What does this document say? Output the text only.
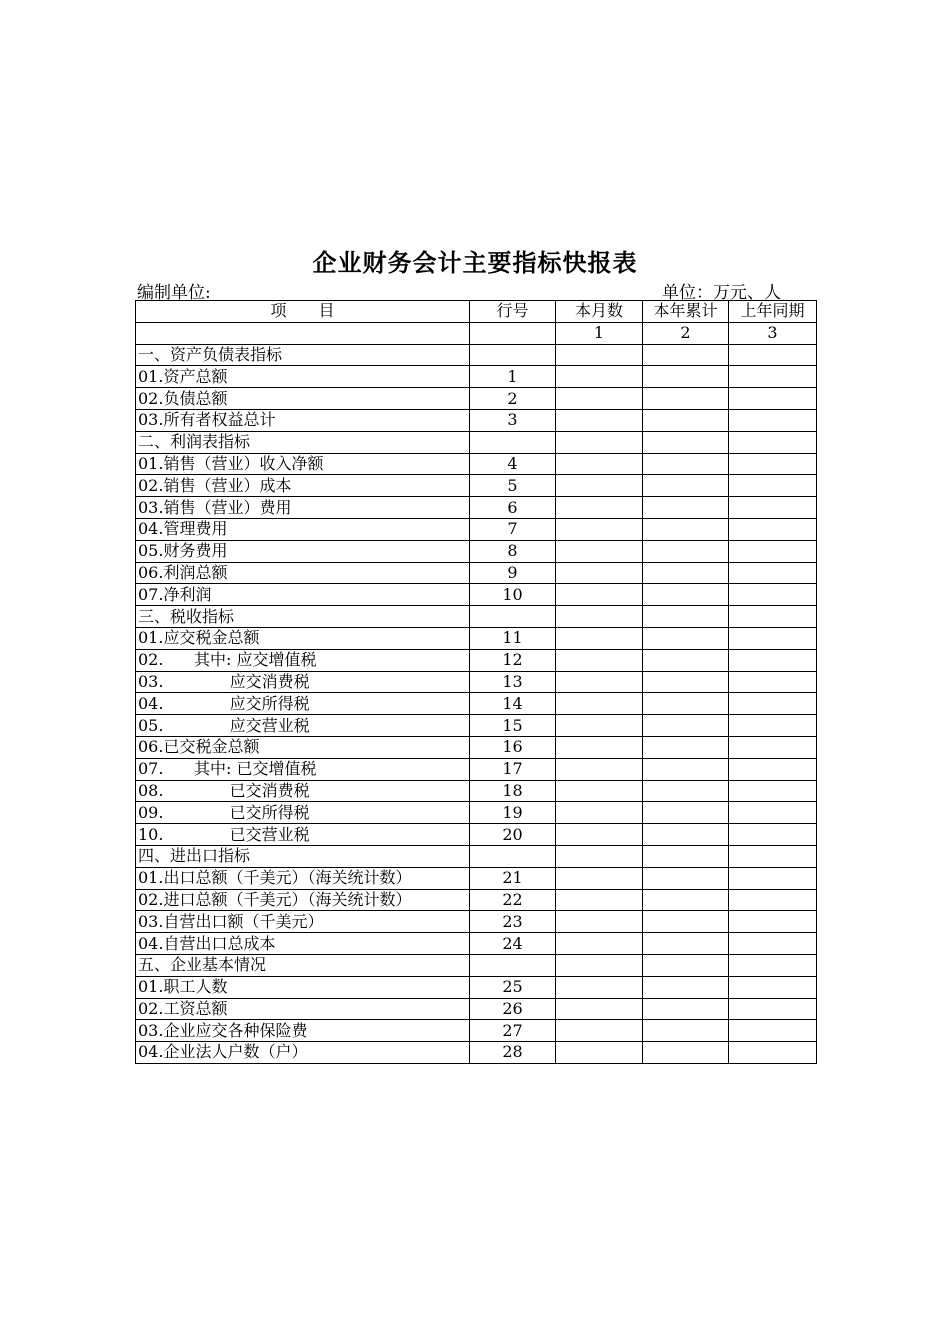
企业财务会计主要指标快报表
编制单位:	单位：万元、人
项　　目	行号	本月数	本年累计	上年同期
		1	2	3
一、资产负债表指标				
01.资产总额	1			
02.负债总额	2			
03.所有者权益总计	3			
二、利润表指标				
01.销售（营业）收入净额	4			
02.销售（营业）成本	5			
03.销售（营业）费用	6			
04.管理费用	7			
05.财务费用	8			
06.利润总额	9			
07.净利润	10			
三、税收指标				
01.应交税金总额	11			
02.      其中: 应交增值税	12			
03.             应交消费税	13			
04.             应交所得税	14			
05.             应交营业税	15			
06.已交税金总额	16			
07.      其中: 已交增值税	17			
08.             已交消费税	18			
09.             已交所得税	19			
10.             已交营业税	20			
四、进出口指标				
01.出口总额（千美元）（海关统计数）	21			
02.进口总额（千美元）（海关统计数）	22			
03.自营出口额（千美元）	23			
04.自营出口总成本	24			
五、企业基本情况				
01.职工人数	25			
02.工资总额	26			
03.企业应交各种保险费	27			
04.企业法人户数（户）	28			
